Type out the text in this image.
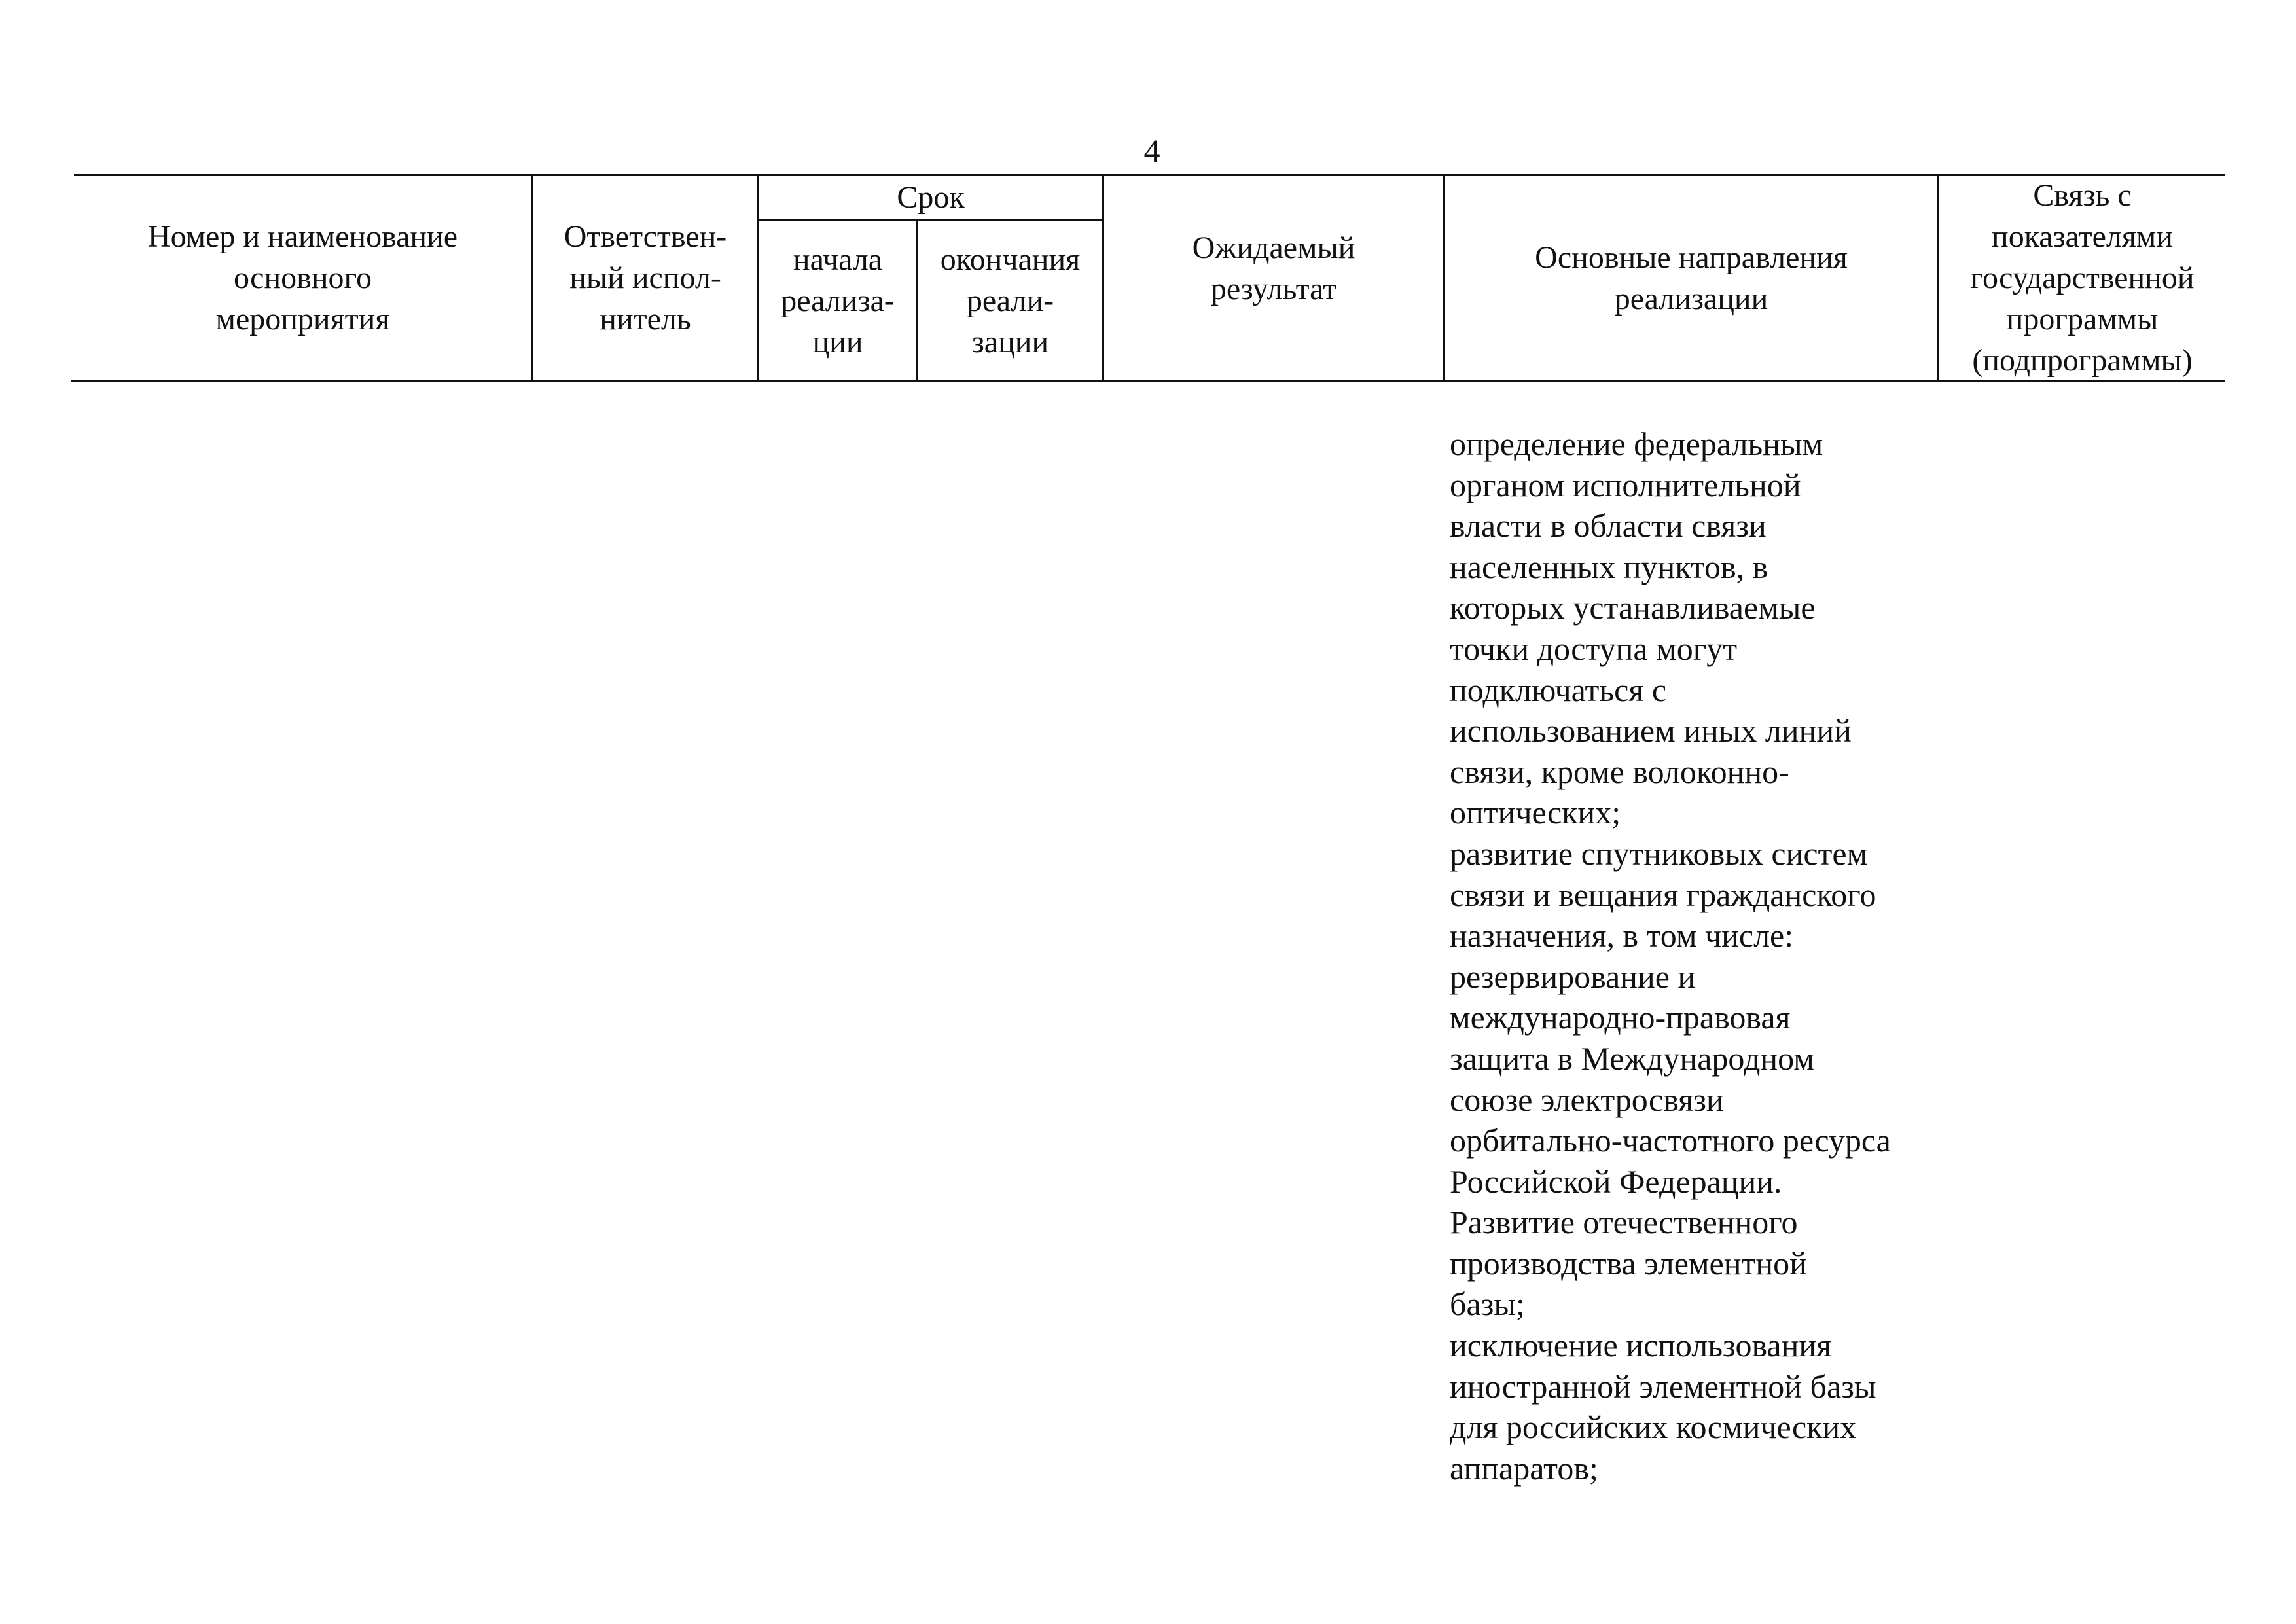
4
Номер и наименование
основного
мероприятия
Ответствен-
ный испол-
нитель
Срок
начала
реализа-
ции
окончания
реали-
зации
Ожидаемый
результат
Основные направления
реализации
Связь с
показателями
государственной
программы
(подпрограммы)
определение федеральным
органом исполнительной
власти в области связи
населенных пунктов, в
которых устанавливаемые
точки доступа могут
подключаться с
использованием иных линий
связи, кроме волоконно-
оптических;
развитие спутниковых систем
связи и вещания гражданского
назначения, в том числе:
резервирование и
международно-правовая
защита в Международном
союзе электросвязи
орбитально-частотного ресурса
Российской Федерации.
Развитие отечественного
производства элементной
базы;
исключение использования
иностранной элементной базы
для российских космических
аппаратов;
